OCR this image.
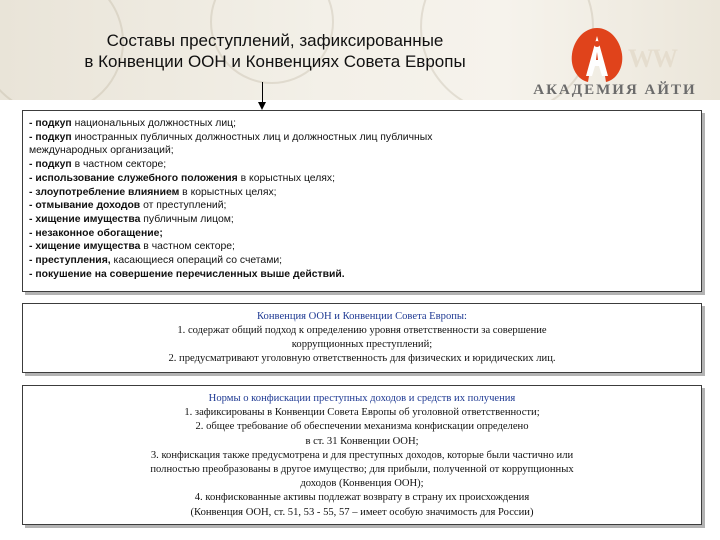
Составы преступлений, зафиксированные
в Конвенции ООН и Конвенциях Совета Европы	WW
АКАДЕМИЯ АЙТИ
- подкуп национальных должностных лиц;
- подкуп иностранных публичных должностных лиц и должностных лиц публичных
международных организаций;
- подкуп в частном секторе;
- использование служебного положения в корыстных целях;
- злоупотребление влиянием в корыстных целях;
- отмывание доходов от преступлений;
- хищение имущества публичным лицом;
- незаконное обогащение;
- хищение имущества в частном секторе;
- преступления, касающиеся операций со счетами;
- покушение на совершение перечисленных выше действий.
Конвенция ООН и Конвенции Совета Европы:
1. содержат общий подход к определению уровня ответственности за совершение
коррупционных преступлений;
2. предусматривают уголовную ответственность для физических и юридических лиц.
Нормы о конфискации преступных доходов и средств их получения
1. зафиксированы в Конвенции Совета Европы об уголовной ответственности;
2. общее требование об обеспечении механизма конфискации определено
в ст. 31 Конвенции ООН;
3. конфискация также предусмотрена и для преступных доходов, которые были частично или
полностью преобразованы в другое имущество; для прибыли, полученной от коррупционных
доходов (Конвенция ООН);
4. конфискованные активы подлежат возврату в страну их происхождения
(Конвенция ООН, ст. 51, 53 - 55, 57 – имеет особую значимость для России)
